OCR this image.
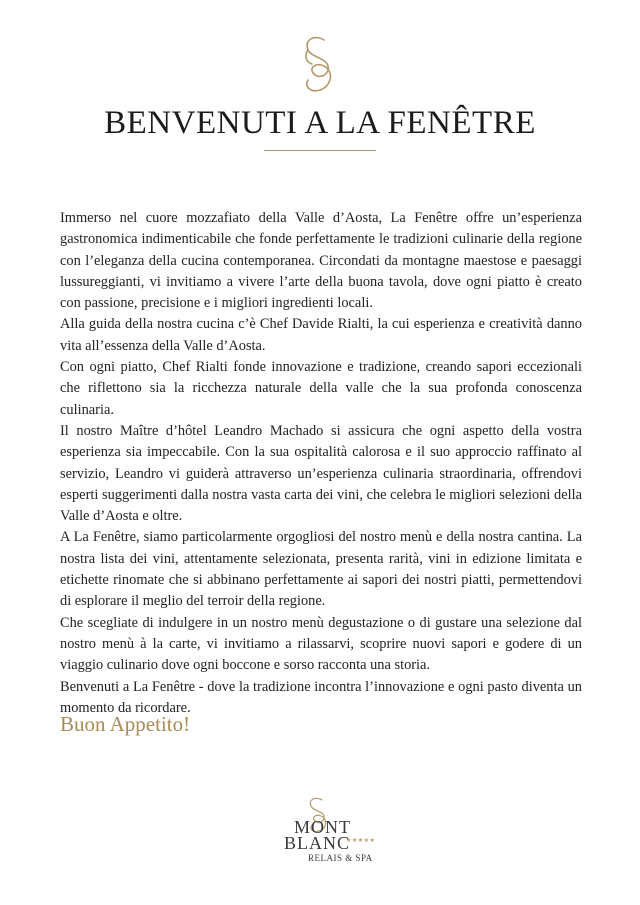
BENVENUTI A LA FENÊTRE

Immerso nel cuore mozzafiato della Valle d’Aosta, La Fenêtre offre un’esperienza gastronomica indimenticabile che fonde perfettamente le tradizioni culinarie della regione con l’eleganza della cucina contemporanea. Circondati da montagne maestose e paesaggi lussureggianti, vi invitiamo a vivere l’arte della buona tavola, dove ogni piatto è creato con passione, precisione e i migliori ingredienti locali.

Alla guida della nostra cucina c’è Chef Davide Rialti, la cui esperienza e creatività danno vita all’essenza della Valle d’Aosta.

Con ogni piatto, Chef Rialti fonde innovazione e tradizione, creando sapori eccezionali che riflettono sia la ricchezza naturale della valle che la sua profonda conoscenza culinaria.

Il nostro Maître d’hôtel Leandro Machado si assicura che ogni aspetto della vostra esperienza sia impeccabile. Con la sua ospitalità calorosa e il suo approccio raffinato al servizio, Leandro vi guiderà attraverso un’esperienza culinaria straordinaria, offrendovi esperti suggerimenti dalla nostra vasta carta dei vini, che celebra le migliori selezioni della Valle d’Aosta e oltre.

A La Fenêtre, siamo particolarmente orgogliosi del nostro menù e della nostra cantina. La nostra lista dei vini, attentamente selezionata, presenta rarità, vini in edizione limitata e etichette rinomate che si abbinano perfettamente ai sapori dei nostri piatti, permettendovi di esplorare il meglio del terroir della regione.

Che scegliate di indulgere in un nostro menù degustazione o di gustare una selezione dal nostro menù à la carte, vi invitiamo a rilassarvi, scoprire nuovi sapori e godere di un viaggio culinario dove ogni boccone e sorso racconta una storia.

Benvenuti a La Fenêtre - dove la tradizione incontra l’innovazione e ogni pasto diventa un momento da ricordare.

Buon Appetito!

MONT
BLANC
★★★★★
RELAIS & SPA
